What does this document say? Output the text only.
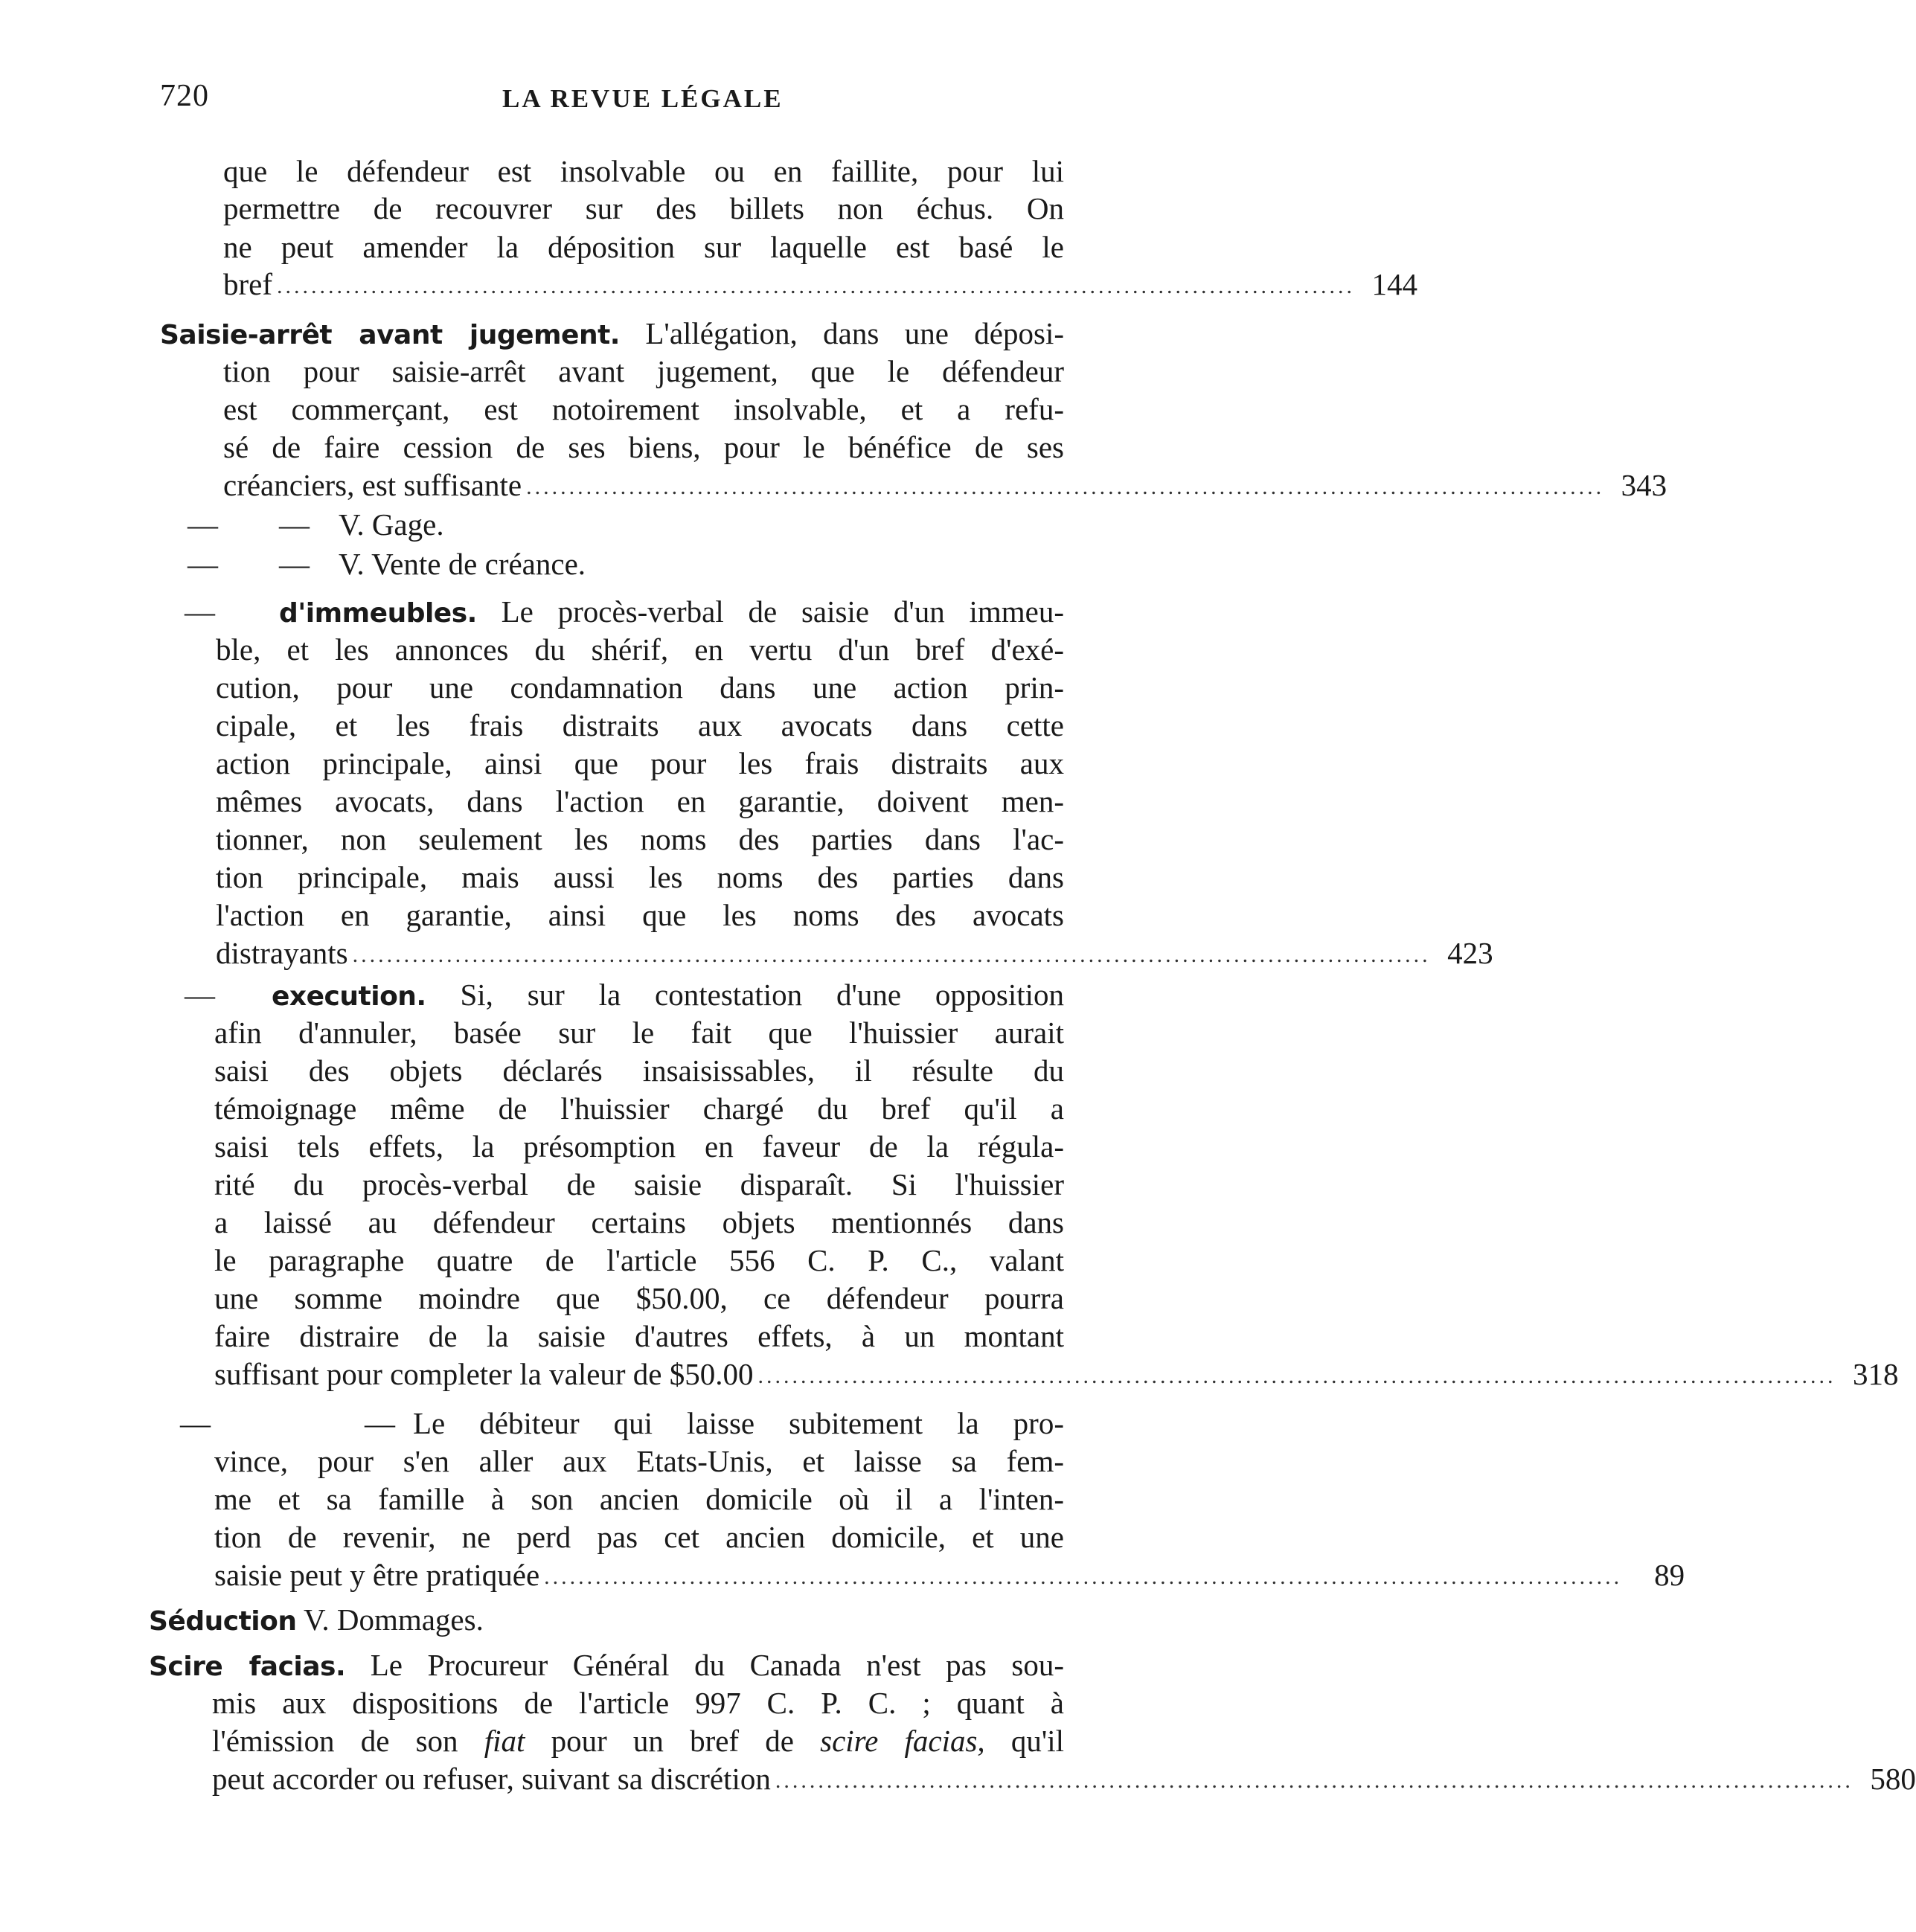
720	LA REVUE LÉGALE
que le défendeur est insolvable ou en faillite, pour lui
permettre de recouvrer sur des billets non échus. On
ne peut amender la déposition sur laquelle est basé le
bref .............................................................................................................................. 144
Saisie-arrêt avant jugement. L'allégation, dans une déposi-
tion pour saisie-arrêt avant jugement, que le défendeur
est commerçant, est notoirement insolvable, et a refu-
sé de faire cession de ses biens, pour le bénéfice de ses
créanciers, est suffisante .............................................................................................................................. 343
— — V. Gage.
— — V. Vente de créance.
— d'immeubles. Le procès-verbal de saisie d'un immeu-
ble, et les annonces du shérif, en vertu d'un bref d'exé-
cution, pour une condamnation dans une action prin-
cipale, et les frais distraits aux avocats dans cette
action principale, ainsi que pour les frais distraits aux
mêmes avocats, dans l'action en garantie, doivent men-
tionner, non seulement les noms des parties dans l'ac-
tion principale, mais aussi les noms des parties dans
l'action en garantie, ainsi que les noms des avocats
distrayants .............................................................................................................................. 423
— execution. Si, sur la contestation d'une opposition
afin d'annuler, basée sur le fait que l'huissier aurait
saisi des objets déclarés insaisissables, il résulte du
témoignage même de l'huissier chargé du bref qu'il a
saisi tels effets, la présomption en faveur de la régula-
rité du procès-verbal de saisie disparaît. Si l'huissier
a laissé au défendeur certains objets mentionnés dans
le paragraphe quatre de l'article 556 C. P. C., valant
une somme moindre que $50.00, ce défendeur pourra
faire distraire de la saisie d'autres effets, à un montant
suffisant pour completer la valeur de $50.00 .............................................................................................................................. 318
—	— Le débiteur qui laisse subitement la pro-
vince, pour s'en aller aux Etats-Unis, et laisse sa fem-
me et sa famille à son ancien domicile où il a l'inten-
tion de revenir, ne perd pas cet ancien domicile, et une
saisie peut y être pratiquée ..............................................................................................................................	89
Séduction V. Dommages.
Scire facias. Le Procureur Général du Canada n'est pas sou-
mis aux dispositions de l'article 997 C. P. C. ; quant à
l'émission de son fiat pour un bref de scire facias, qu'il
peut accorder ou refuser, suivant sa discrétion .............................................................................................................................. 580
